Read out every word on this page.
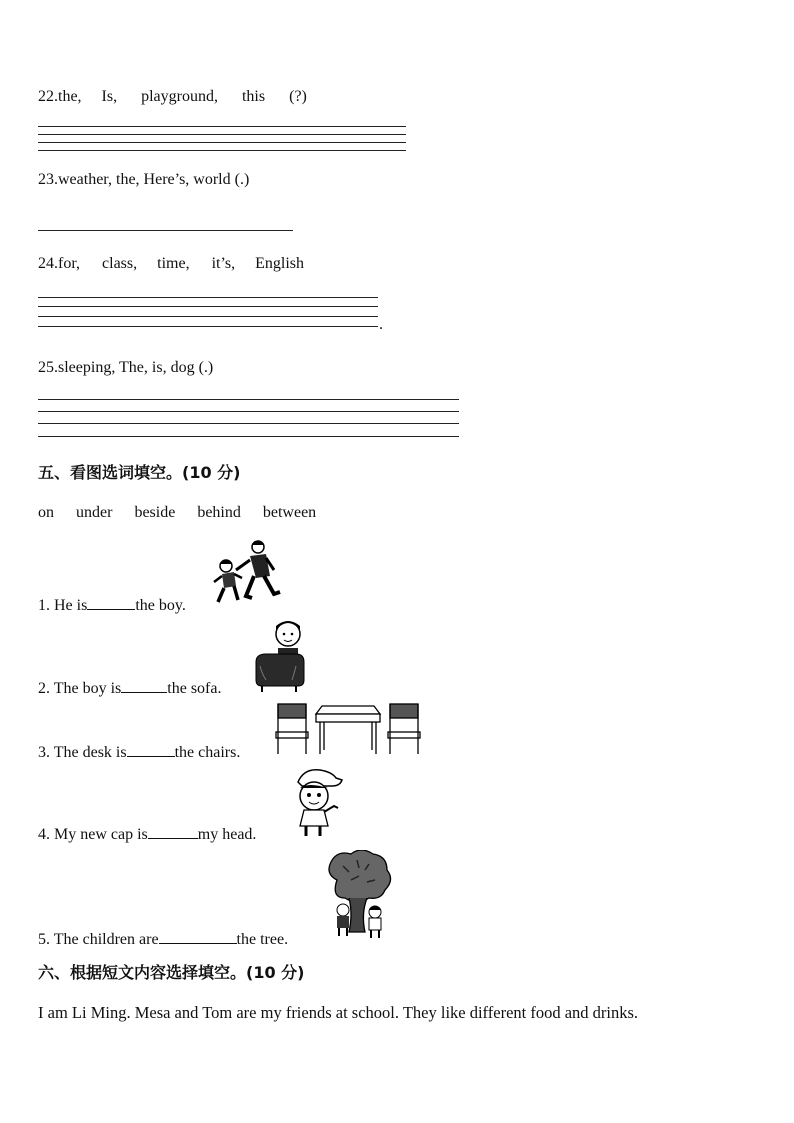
22.the, Is, playground, this (?)
23.weather, the, Here’s, world (.)
24.for, class, time, it’s, English
.
25.sleeping, The, is, dog (.)
五、看图选词填空。(10 分)
on under beside behind between
1. He is	the boy.
2. The boy is	the sofa.
3. The desk is	the chairs.
4. My new cap is	my head.
5. The children are	the tree.
六、根据短文内容选择填空。(10 分)
I am Li Ming. Mesa and Tom are my friends at school. They like different food and drinks.
